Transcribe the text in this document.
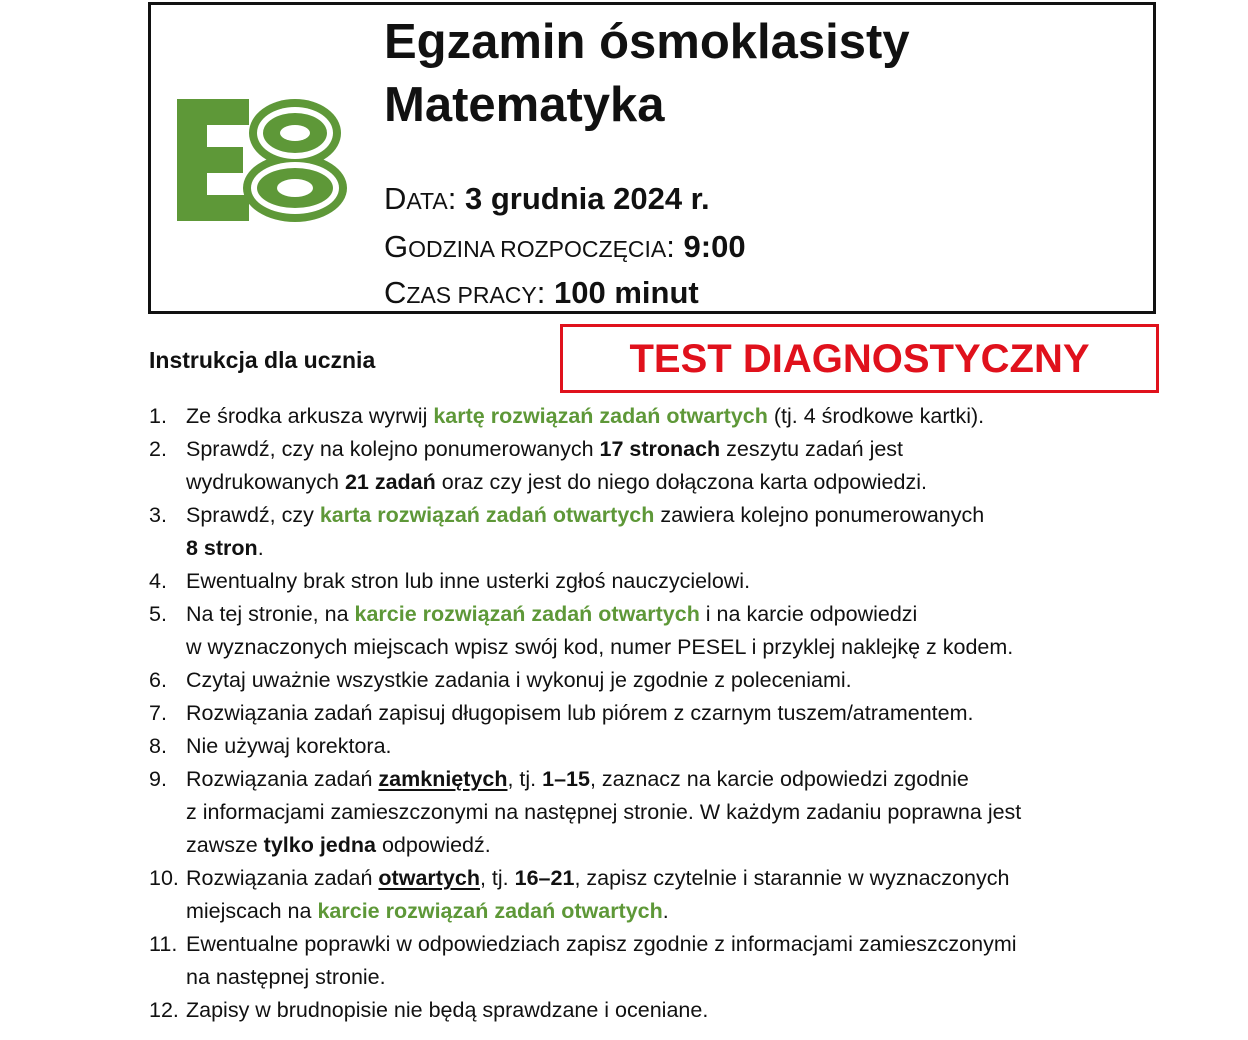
Egzamin ósmoklasisty
Matematyka
DATA: 3 grudnia 2024 r.
GODZINA ROZPOCZĘCIA: 9:00
CZAS PRACY: 100 minut
Instrukcja dla ucznia	TEST DIAGNOSTYCZNY
1. Ze środka arkusza wyrwij kartę rozwiązań zadań otwartych (tj. 4 środkowe kartki).
2. Sprawdź, czy na kolejno ponumerowanych 17 stronach zeszytu zadań jest
wydrukowanych 21 zadań oraz czy jest do niego dołączona karta odpowiedzi.
3. Sprawdź, czy karta rozwiązań zadań otwartych zawiera kolejno ponumerowanych
8 stron.
4. Ewentualny brak stron lub inne usterki zgłoś nauczycielowi.
5. Na tej stronie, na karcie rozwiązań zadań otwartych i na karcie odpowiedzi
w wyznaczonych miejscach wpisz swój kod, numer PESEL i przyklej naklejkę z kodem.
6. Czytaj uważnie wszystkie zadania i wykonuj je zgodnie z poleceniami.
7. Rozwiązania zadań zapisuj długopisem lub piórem z czarnym tuszem/atramentem.
8. Nie używaj korektora.
9. Rozwiązania zadań zamkniętych, tj. 1–15, zaznacz na karcie odpowiedzi zgodnie
z informacjami zamieszczonymi na następnej stronie. W każdym zadaniu poprawna jest
zawsze tylko jedna odpowiedź.
10. Rozwiązania zadań otwartych, tj. 16–21, zapisz czytelnie i starannie w wyznaczonych
miejscach na karcie rozwiązań zadań otwartych.
11. Ewentualne poprawki w odpowiedziach zapisz zgodnie z informacjami zamieszczonymi
na następnej stronie.
12. Zapisy w brudnopisie nie będą sprawdzane i oceniane.
